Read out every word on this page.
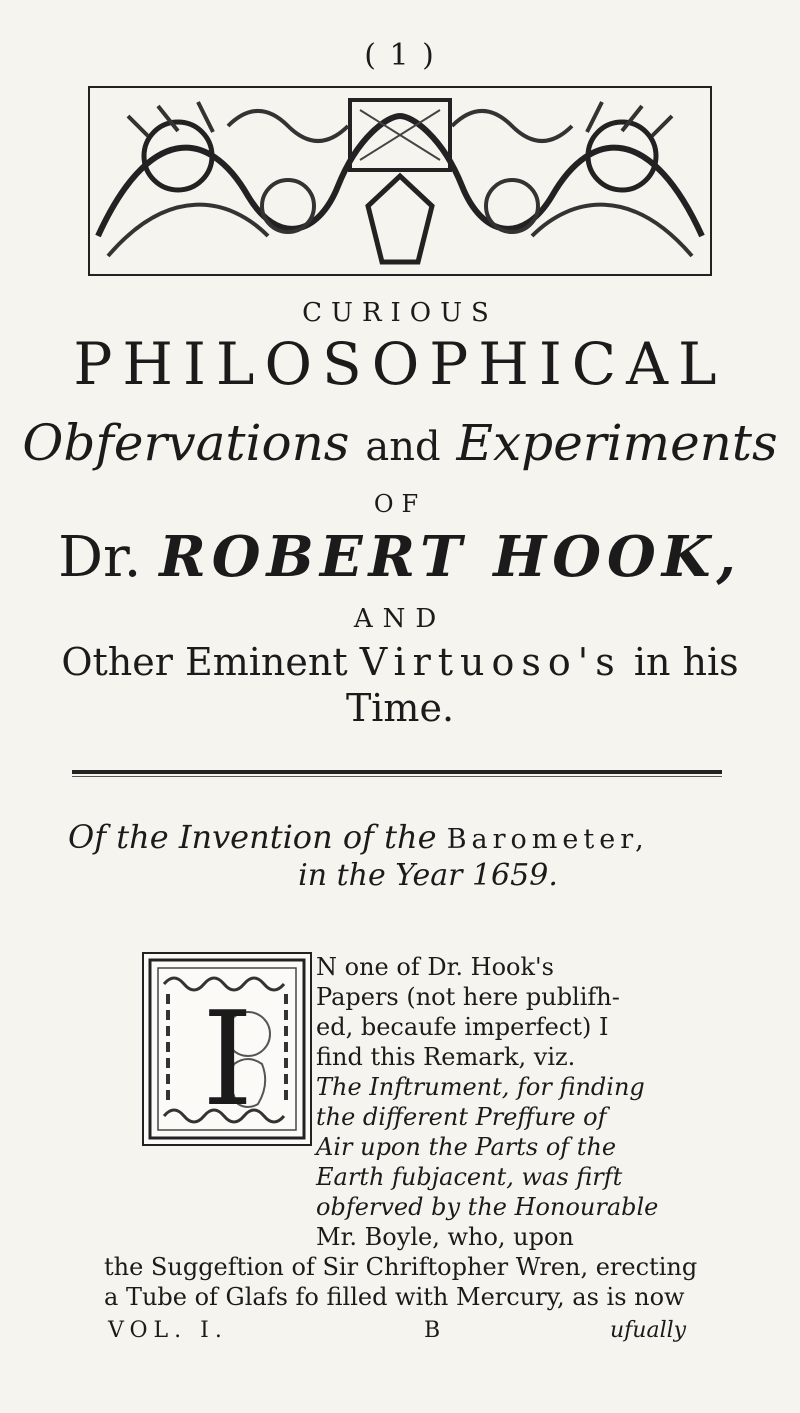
( 1 )
CURIOUS
PHILOSOPHICAL
Obfervations and Experiments
OF
Dr. ROBERT HOOK,
AND
Other Eminent Virtuoso's in his
Time.
Of the Invention of the Barometer,
in the Year 1659.
I
N one of Dr. Hook's
Papers (not here publifh-
ed, becaufe imperfect) I
find this Remark, viz.
The Inftrument, for finding
the different Preffure of
Air upon the Parts of the
Earth fubjacent, was firft
obferved by the Honourable
Mr. Boyle, who, upon
the Suggeftion of Sir Chriftopher Wren, erecting
a Tube of Glafs fo filled with Mercury, as is now
VOL. I.	B	ufually
